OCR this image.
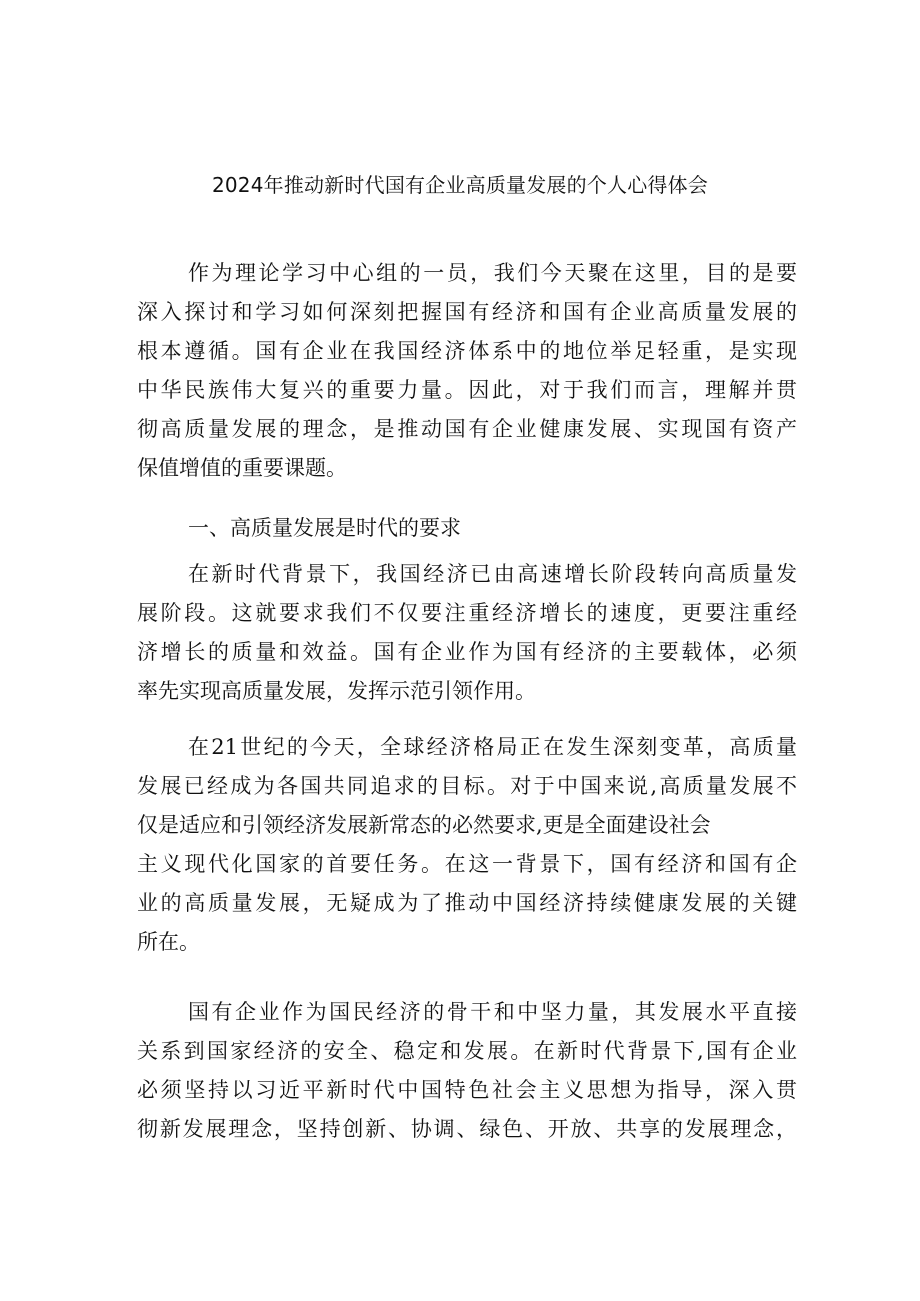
2024年推动新时代国有企业高质量发展的个人心得体会
作为理论学习中心组的一员，我们今天聚在这里，目的是要
深入探讨和学习如何深刻把握国有经济和国有企业高质量发展的
根本遵循。国有企业在我国经济体系中的地位举足轻重，是实现
中华民族伟大复兴的重要力量。因此，对于我们而言，理解并贯
彻高质量发展的理念，是推动国有企业健康发展、实现国有资产
保值增值的重要课题。
一、高质量发展是时代的要求
在新时代背景下，我国经济已由高速增长阶段转向高质量发
展阶段。这就要求我们不仅要注重经济增长的速度，更要注重经
济增长的质量和效益。国有企业作为国有经济的主要载体，必须
率先实现高质量发展，发挥示范引领作用。
在21世纪的今天，全球经济格局正在发生深刻变革，高质量
发展已经成为各国共同追求的目标。对于中国来说,高质量发展不
仅是适应和引领经济发展新常态的必然要求,更是全面建设社会
主义现代化国家的首要任务。在这一背景下，国有经济和国有企
业的高质量发展，无疑成为了推动中国经济持续健康发展的关键
所在。
国有企业作为国民经济的骨干和中坚力量，其发展水平直接
关系到国家经济的安全、稳定和发展。在新时代背景下,国有企业
必须坚持以习近平新时代中国特色社会主义思想为指导，深入贯
彻新发展理念，坚持创新、协调、绿色、开放、共享的发展理念，
